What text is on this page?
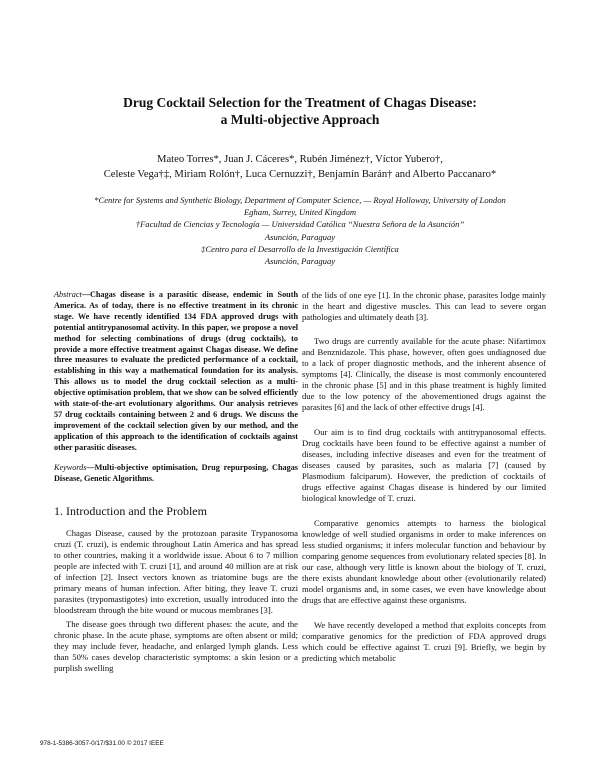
Drug Cocktail Selection for the Treatment of Chagas Disease:
a Multi-objective Approach
Mateo Torres*, Juan J. Cáceres*, Rubén Jiménez†, Víctor Yubero†,
Celeste Vega†‡, Miriam Rolón†, Luca Cernuzzi†, Benjamín Barán† and Alberto Paccanaro*
*Centre for Systems and Synthetic Biology, Department of Computer Science, — Royal Holloway, University of London
Egham, Surrey, United Kingdom
†Facultad de Ciencias y Tecnología — Universidad Católica “Nuestra Señora de la Asunción”
Asunción, Paraguay
‡Centro para el Desarrollo de la Investigación Científica
Asunción, Paraguay
Abstract—Chagas disease is a parasitic disease, endemic in South America. As of today, there is no effective treatment in its chronic stage. We have recently identified 134 FDA approved drugs with potential antitrypanosomal activity. In this paper, we propose a novel method for selecting combinations of drugs (drug cocktails), to provide a more effective treatment against Chagas disease. We define three measures to evaluate the predicted performance of a cocktail, establishing in this way a mathematical foundation for its analysis. This allows us to model the drug cocktail selection as a multi-objective optimisation problem, that we show can be solved efficiently with state-of-the-art evolutionary algorithms. Our analysis retrieves 57 drug cocktails containing between 2 and 6 drugs. We discuss the improvement of the cocktail selection given by our method, and the application of this approach to the identification of cocktails against other parasitic diseases.
Keywords—Multi-objective optimisation, Drug repurposing, Chagas Disease, Genetic Algorithms.
1. Introduction and the Problem

Chagas Disease, caused by the protozoan parasite Trypanosoma cruzi (T. cruzi), is endemic throughout Latin America and has spread to other countries, making it a worldwide issue. About 6 to 7 million people are infected with T. cruzi [1], and around 40 million are at risk of infection [2]. Insect vectors known as triatomine bugs are the primary means of human infection. After biting, they leave T. cruzi parasites (trypomastigotes) into excretion, usually introduced into the bloodstream through the bite wound or mucous membranes [3].

The disease goes through two different phases: the acute, and the chronic phase. In the acute phase, symptoms are often absent or mild; they may include fever, headache, and enlarged lymph glands. Less than 50% cases develop characteristic symptoms: a skin lesion or a purplish swelling

of the lids of one eye [1]. In the chronic phase, parasites lodge mainly in the heart and digestive muscles. This can lead to severe organ pathologies and ultimately death [3].

Two drugs are currently available for the acute phase: Nifartimox and Benznidazole. This phase, however, often goes undiagnosed due to a lack of proper diagnostic methods, and the inherent absence of symptoms [4]. Clinically, the disease is most commonly encountered in the chronic phase [5] and in this phase treatment is highly limited due to the low potency of the abovementioned drugs against the parasites [6] and the lack of other effective drugs [4].

Our aim is to find drug cocktails with antitrypanosomal effects. Drug cocktails have been found to be effective against a number of diseases, including infective diseases and even for the treatment of diseases caused by parasites, such as malaria [7] (caused by Plasmodium falciparum). However, the prediction of cocktails of drugs effective against Chagas disease is hindered by our limited biological knowledge of T. cruzi.

Comparative genomics attempts to harness the biological knowledge of well studied organisms in order to make inferences on less studied organisms; it infers molecular function and behaviour by comparing genome sequences from evolutionary related species [8]. In our case, although very little is known about the biology of T. cruzi, there exists abundant knowledge about other (evolutionarily related) model organisms and, in some cases, we even have knowledge about drugs that are effective against these organisms.

We have recently developed a method that exploits concepts from comparative genomics for the prediction of FDA approved drugs which could be effective against T. cruzi [9]. Briefly, we begin by predicting which metabolic

978-1-5386-3057-0/17/$31.00 © 2017 IEEE
